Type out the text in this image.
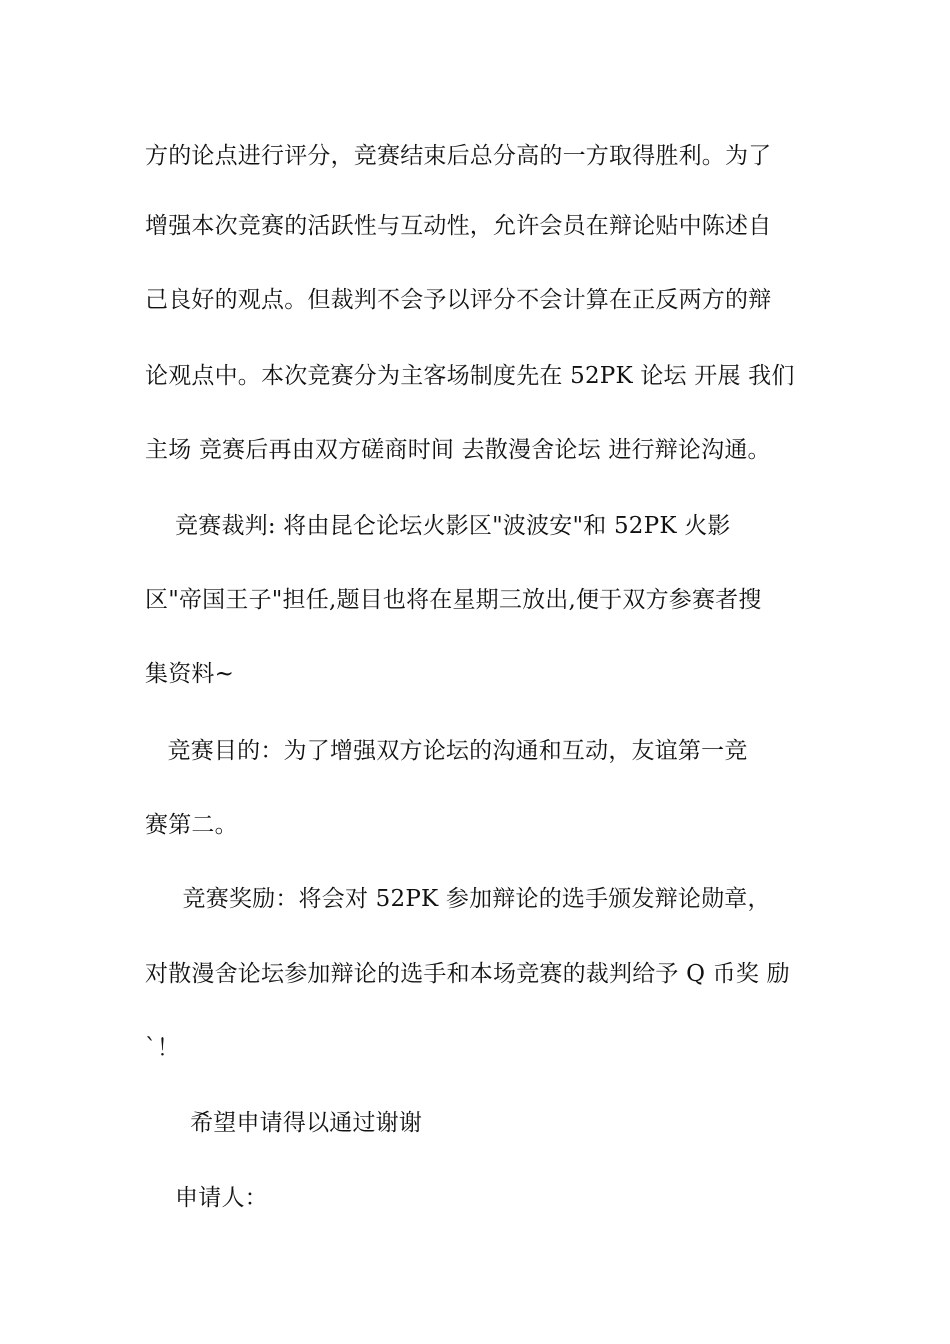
方的论点进行评分，竞赛结束后总分高的一方取得胜利。为了
增强本次竞赛的活跃性与互动性，允许会员在辩论贴中陈述自
己良好的观点。但裁判不会予以评分不会计算在正反两方的辩
论观点中。本次竞赛分为主客场制度先在 52PK 论坛 开展 我们
主场 竞赛后再由双方磋商时间 去散漫舍论坛 进行辩论沟通。
竞赛裁判: 将由昆仑论坛火影区"波波安"和 52PK 火影
区"帝国王子"担任,题目也将在星期三放出,便于双方参赛者搜
集资料~
竞赛目的：为了增强双方论坛的沟通和互动，友谊第一竞
赛第二。
竞赛奖励：将会对 52PK 参加辩论的选手颁发辩论勋章，
对散漫舍论坛参加辩论的选手和本场竞赛的裁判给予 Q 币奖 励
`！
希望申请得以通过谢谢
申请人：
